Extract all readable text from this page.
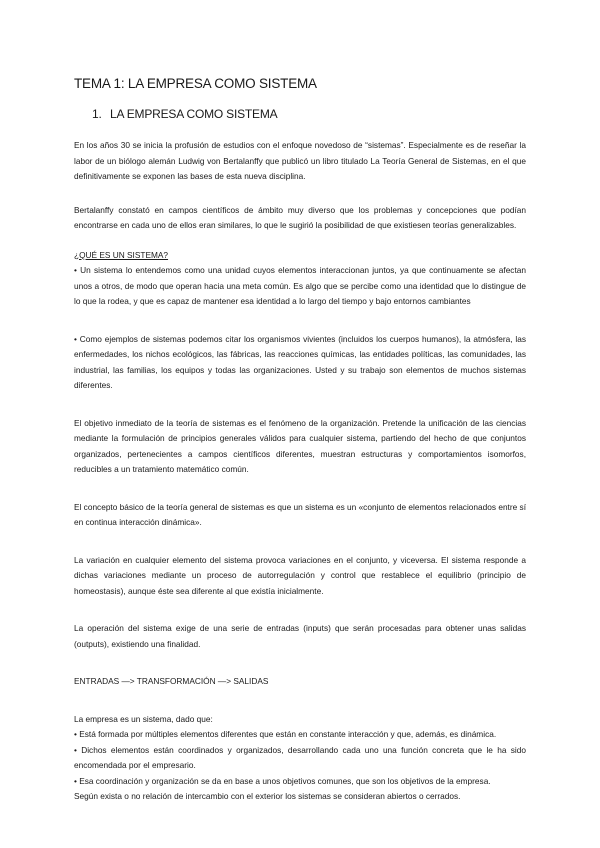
TEMA 1: LA EMPRESA COMO SISTEMA
1. LA EMPRESA COMO SISTEMA

En los años 30 se inicia la profusión de estudios con el enfoque novedoso de “sistemas”. Especialmente es de reseñar la labor de un biólogo alemán Ludwig von Bertalanffy que publicó un libro titulado La Teoría General de Sistemas, en el que definitivamente se exponen las bases de esta nueva disciplina.

Bertalanffy constató en campos científicos de ámbito muy diverso que los problemas y concepciones que podían encontrarse en cada uno de ellos eran similares, lo que le sugirió la posibilidad de que existiesen teorías generalizables.

¿QUÉ ES UN SISTEMA?

• Un sistema lo entendemos como una unidad cuyos elementos interaccionan juntos, ya que continuamente se afectan unos a otros, de modo que operan hacia una meta común. Es algo que se percibe como una identidad que lo distingue de lo que la rodea, y que es capaz de mantener esa identidad a lo largo del tiempo y bajo entornos cambiantes

• Como ejemplos de sistemas podemos citar los organismos vivientes (incluidos los cuerpos humanos), la atmósfera, las enfermedades, los nichos ecológicos, las fábricas, las reacciones químicas, las entidades políticas, las comunidades, las industrial, las familias, los equipos y todas las organizaciones. Usted y su trabajo son elementos de muchos sistemas diferentes.

El objetivo inmediato de la teoría de sistemas es el fenómeno de la organización. Pretende la unificación de las ciencias mediante la formulación de principios generales válidos para cualquier sistema, partiendo del hecho de que conjuntos organizados, pertenecientes a campos científicos diferentes, muestran estructuras y comportamientos isomorfos, reducibles a un tratamiento matemático común.

El concepto básico de la teoría general de sistemas es que un sistema es un «conjunto de elementos relacionados entre sí en continua interacción dinámica».

La variación en cualquier elemento del sistema provoca variaciones en el conjunto, y viceversa. El sistema responde a dichas variaciones mediante un proceso de autorregulación y control que restablece el equilibrio (principio de homeostasis), aunque éste sea diferente al que existía inicialmente.

La operación del sistema exige de una serie de entradas (inputs) que serán procesadas para obtener unas salidas (outputs), existiendo una finalidad.

ENTRADAS —> TRANSFORMACIÓN —> SALIDAS

La empresa es un sistema, dado que:

• Está formada por múltiples elementos diferentes que están en constante interacción y que, además, es dinámica.

• Dichos elementos están coordinados y organizados, desarrollando cada uno una función concreta que le ha sido encomendada por el empresario.

• Esa coordinación y organización se da en base a unos objetivos comunes, que son los objetivos de la empresa.

Según exista o no relación de intercambio con el exterior los sistemas se consideran abiertos o cerrados.
